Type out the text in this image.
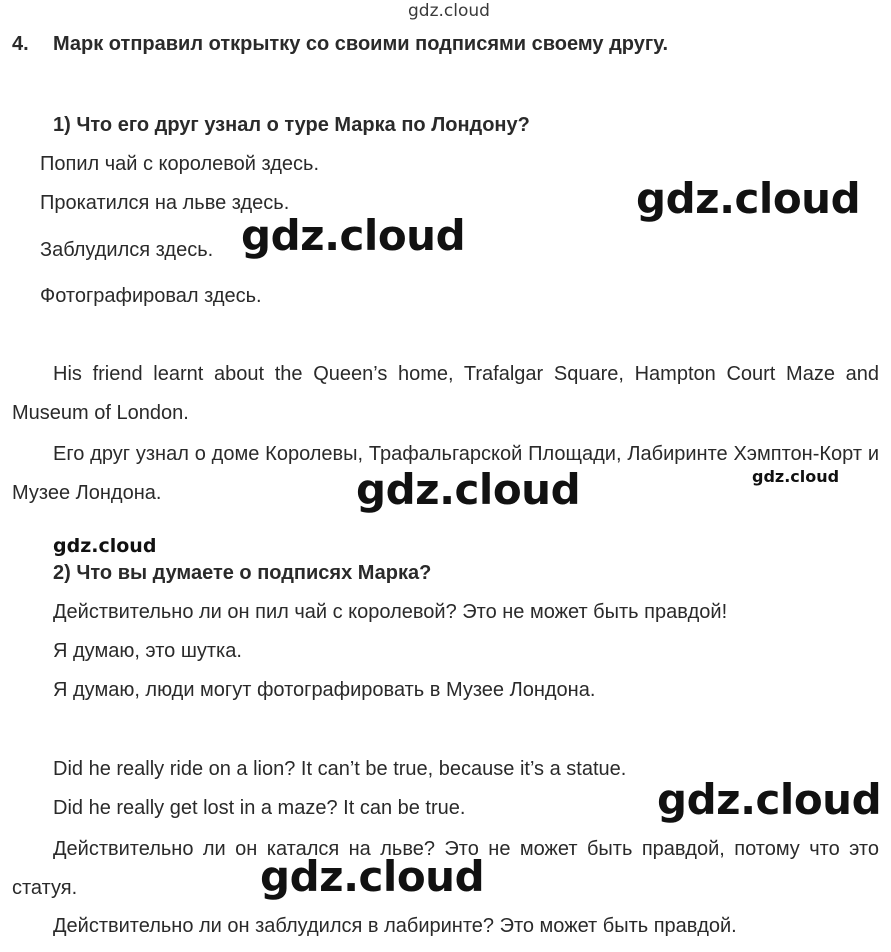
gdz.cloud
gdz.cloud
gdz.cloud
gdz.cloud	gdz.cloud
gdz.cloud
gdz.cloud
gdz.cloud
4. Марк отправил открытку со своими подписями своему другу.
1) Что его друг узнал о туре Марка по Лондону?
Попил чай с королевой здесь.
Прокатился на льве здесь.
Заблудился здесь.
Фотографировал здесь.

His friend learnt about the Queen’s home, Trafalgar Square, Hampton Court Maze and Museum of London.

Его друг узнал о доме Королевы, Трафальгарской Площади, Лабиринте Хэмптон-Корт и Музее Лондона.

2) Что вы думаете о подписях Марка?
Действительно ли он пил чай с королевой? Это не может быть правдой!
Я думаю, это шутка.
Я думаю, люди могут фотографировать в Музее Лондона.
Did he really ride on a lion? It can’t be true, because it’s a statue.
Did he really get lost in a maze? It can be true.

Действительно ли он катался на льве? Это не может быть правдой, потому что это статуя.

Действительно ли он заблудился в лабиринте? Это может быть правдой.
